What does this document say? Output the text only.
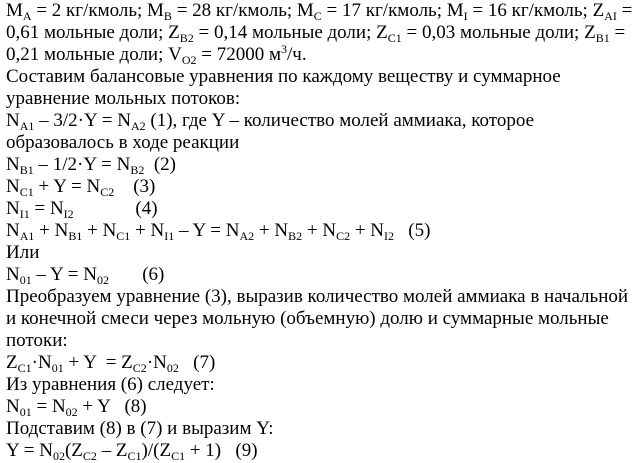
$M_A = 2$ кг/кмоль; $M_B = 28$ кг/кмоль; $M_C = 17$ кг/кмоль; $M_I = 16$ кг/кмоль; $Z_{AI}$ =
0,61 мольные доли; $Z_{B2} = 0,14$ мольные доли; $Z_{C1} = 0,03$ мольные доли; $Z_{B1}$ =
0,21 мольные доли; $V_{O2} = 72000$ $м^3/ч$.
Составим балансовые уравнения по каждому веществу и суммарное
уравнение мольных потоков:
$N_{A1} - 3/2\cdot Y = N_{A2}$ (1), где Y – количество молей аммиака, которое
образовалось в ходе реакции
$N_{B1} - 1/2\cdot Y = N_{B2}$  (2)
$N_{C1} + Y = N_{C2}$    (3)
$N_{I1} = N_{I2}$             (4)
$N_{A1} + N_{B1} + N_{C1} + N_{I1} - Y = N_{A2} + N_{B2} + N_{C2} + N_{I2}$   (5)
Или
$N_{01} - Y = N_{02}$       (6)
Преобразуем уравнение (3), выразив количество молей аммиака в начальной
и конечной смеси через мольную (объемную) долю и суммарные мольные
потоки:
$Z_{C1}\cdot N_{01} + Y = Z_{C2}\cdot N_{02}$   (7)
Из уравнения (6) следует:
$N_{01} = N_{02} + Y$   (8)
Подставим (8) в (7) и выразим Y:
$Y = N_{02}(Z_{C2} - Z_{C1})/(Z_{C1} + 1)$   (9)
